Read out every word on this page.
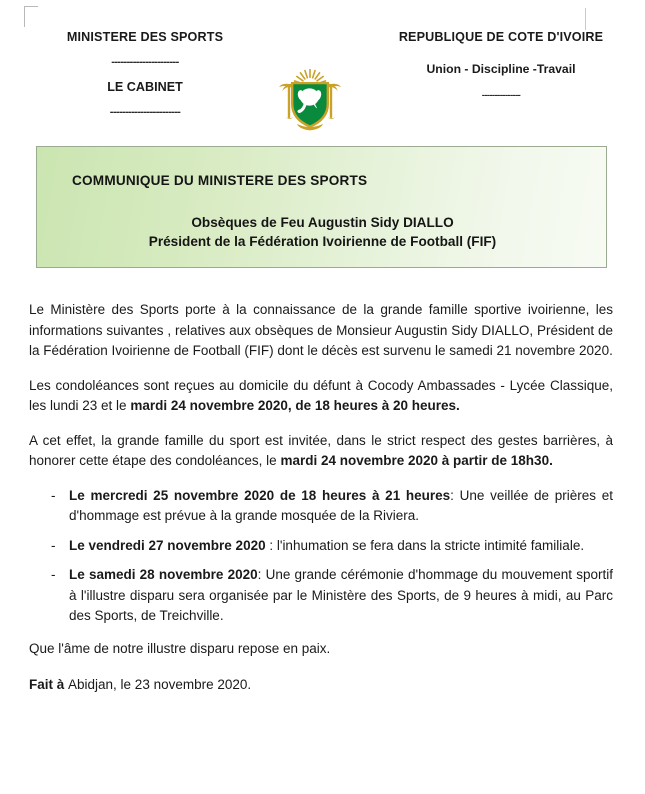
MINISTERE DES SPORTS
----------------------
LE CABINET
-----------------------
REPUBLIQUE DE COTE D'IVOIRE
Union - Discipline -Travail
---------------
COMMUNIQUE DU MINISTERE DES SPORTS
Obsèques de Feu Augustin Sidy DIALLO
Président de la Fédération Ivoirienne de Football (FIF)

Le Ministère des Sports porte à la connaissance de la grande famille sportive ivoirienne, les informations suivantes , relatives aux obsèques de Monsieur Augustin Sidy DIALLO, Président de la Fédération Ivoirienne de Football (FIF) dont le décès est survenu le samedi 21 novembre 2020.

Les condoléances sont reçues au domicile du défunt à Cocody Ambassades - Lycée Classique, les lundi 23 et le mardi 24 novembre 2020, de 18 heures à 20 heures.

A cet effet, la grande famille du sport est invitée, dans le strict respect des gestes barrières, à honorer cette étape des condoléances, le mardi 24 novembre 2020 à partir de 18h30.

- Le mercredi 25 novembre 2020 de 18 heures à 21 heures: Une veillée de prières et d'hommage est prévue à la grande mosquée de la Riviera.
- Le vendredi 27 novembre 2020 : l'inhumation se fera dans la stricte intimité familiale.
- Le samedi 28 novembre 2020: Une grande cérémonie d'hommage du mouvement sportif à l'illustre disparu sera organisée par le Ministère des Sports, de 9 heures à midi, au Parc des Sports, de Treichville.

Que l'âme de notre illustre disparu repose en paix.

Fait à Abidjan, le 23 novembre 2020.
